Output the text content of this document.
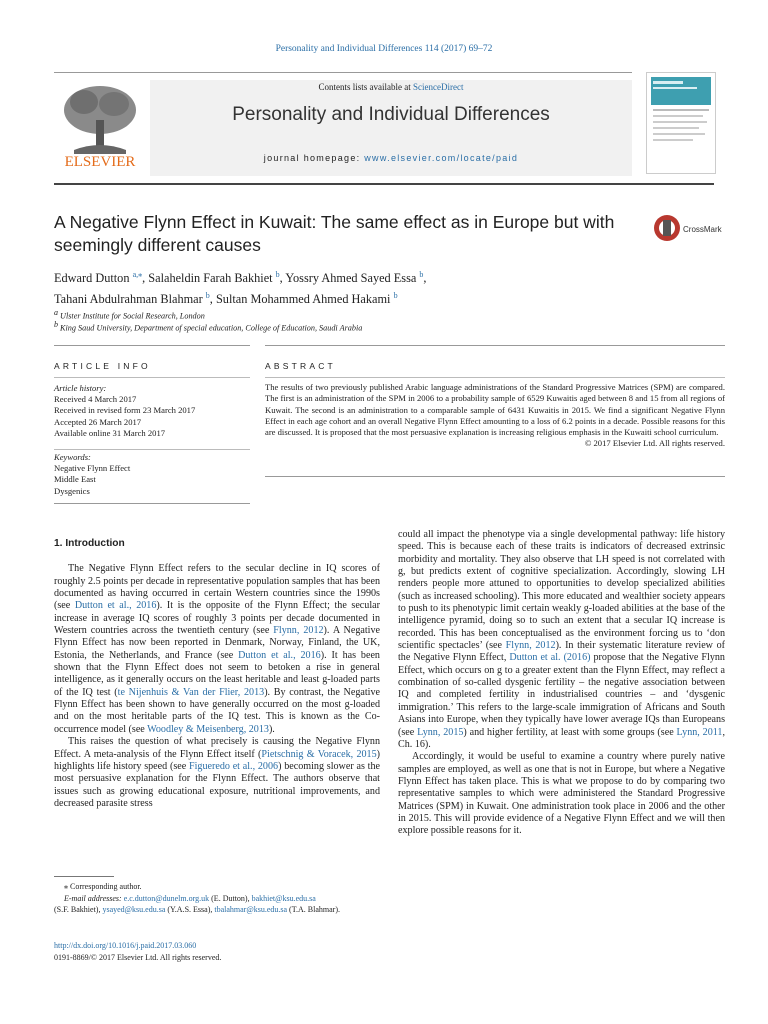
Personality and Individual Differences 114 (2017) 69–72
ELSEVIER
Contents lists available at ScienceDirect
Personality and Individual Differences
journal homepage: www.elsevier.com/locate/paid
A Negative Flynn Effect in Kuwait: The same effect as in Europe but with seemingly different causes
CrossMark
Edward Dutton $^{a,⁎}$, Salaheldin Farah Bakhiet $^b$, Yossry Ahmed Sayed Essa $^b$,
Tahani Abdulrahman Blahmar $^b$, Sultan Mohammed Ahmed Hakami $^b$
$^a$ Ulster Institute for Social Research, London
$^b$ King Saud University, Department of special education, College of Education, Saudi Arabia
ARTICLE INFO	ABSTRACT
Article history:
Received 4 March 2017
Received in revised form 23 March 2017
Accepted 26 March 2017
Available online 31 March 2017
Keywords:
Negative Flynn Effect
Middle East
Dysgenics
The results of two previously published Arabic language administrations of the Standard Progressive Matrices (SPM) are compared. The first is an administration of the SPM in 2006 to a probability sample of 6529 Kuwaitis aged between 8 and 15 from all regions of Kuwait. The second is an administration to a comparable sample of 6431 Kuwaitis in 2015. We find a significant Negative Flynn Effect in each age cohort and an overall Negative Flynn Effect amounting to a loss of 6.2 points in a decade. Possible reasons for this are discussed. It is proposed that the most persuasive explanation is increasing religious emphasis in the Kuwaiti school curriculum.
© 2017 Elsevier Ltd. All rights reserved.
1. Introduction

The Negative Flynn Effect refers to the secular decline in IQ scores of roughly 2.5 points per decade in representative population samples that has been documented as having occurred in certain Western countries since the 1990s (see Dutton et al., 2016). It is the opposite of the Flynn Effect; the secular increase in average IQ scores of roughly 3 points per decade documented in Western countries across the twentieth century (see Flynn, 2012). A Negative Flynn Effect has now been reported in Denmark, Norway, Finland, the UK, Estonia, the Netherlands, and France (see Dutton et al., 2016). It has been shown that the Flynn Effect does not seem to betoken a rise in general intelligence, as it generally occurs on the least heritable and least g-loaded parts of the IQ test (te Nijenhuis & Van der Flier, 2013). By contrast, the Negative Flynn Effect has been shown to have generally occurred on the most g-loaded and on the most heritable parts of the IQ test. This is known as the Co-occurrence model (see Woodley & Meisenberg, 2013).

This raises the question of what precisely is causing the Negative Flynn Effect. A meta-analysis of the Flynn Effect itself (Pietschnig & Voracek, 2015) highlights life history speed (see Figueredo et al., 2006) becoming slower as the most persuasive explanation for the Flynn Effect. The authors observe that issues such as growing educational exposure, nutritional improvements, and decreased parasite stress

could all impact the phenotype via a single developmental pathway: life history speed. This is because each of these traits is indicators of decreased extrinsic morbidity and mortality. They also observe that LH speed is not correlated with g, but predicts extent of cognitive specialization. Accordingly, slowing LH renders people more attuned to opportunities to develop specialized abilities (such as increased schooling). This more educated and wealthier society appears to push to its phenotypic limit certain weakly g-loaded abilities at the base of the intelligence pyramid, doing so to such an extent that a secular IQ increase is recorded. This has been conceptualised as the environment forcing us to ‘don scientific spectacles’ (see Flynn, 2012). In their systematic literature review of the Negative Flynn Effect, Dutton et al. (2016) propose that the Negative Flynn Effect, which occurs on g to a greater extent than the Flynn Effect, may reflect a combination of so-called dysgenic fertility – the negative association between IQ and completed fertility in industrialised countries – and ‘dysgenic immigration.’ This refers to the large-scale immigration of Africans and South Asians into Europe, when they typically have lower average IQs than Europeans (see Lynn, 2015) and higher fertility, at least with some groups (see Lynn, 2011, Ch. 16).

Accordingly, it would be useful to examine a country where purely native samples are employed, as well as one that is not in Europe, but where a Negative Flynn Effect has taken place. This is what we propose to do by comparing two representative samples to which were administered the Standard Progressive Matrices (SPM) in Kuwait. One administration took place in 2006 and the other in 2015. This will provide evidence of a Negative Flynn Effect and we will then explore possible reasons for it.

⁎ Corresponding author.
E-mail addresses: e.c.dutton@dunelm.org.uk (E. Dutton), bakhiet@ksu.edu.sa
(S.F. Bakhiet), ysayed@ksu.edu.sa (Y.A.S. Essa), tbalahmar@ksu.edu.sa (T.A. Blahmar).
http://dx.doi.org/10.1016/j.paid.2017.03.060
0191-8869/© 2017 Elsevier Ltd. All rights reserved.
